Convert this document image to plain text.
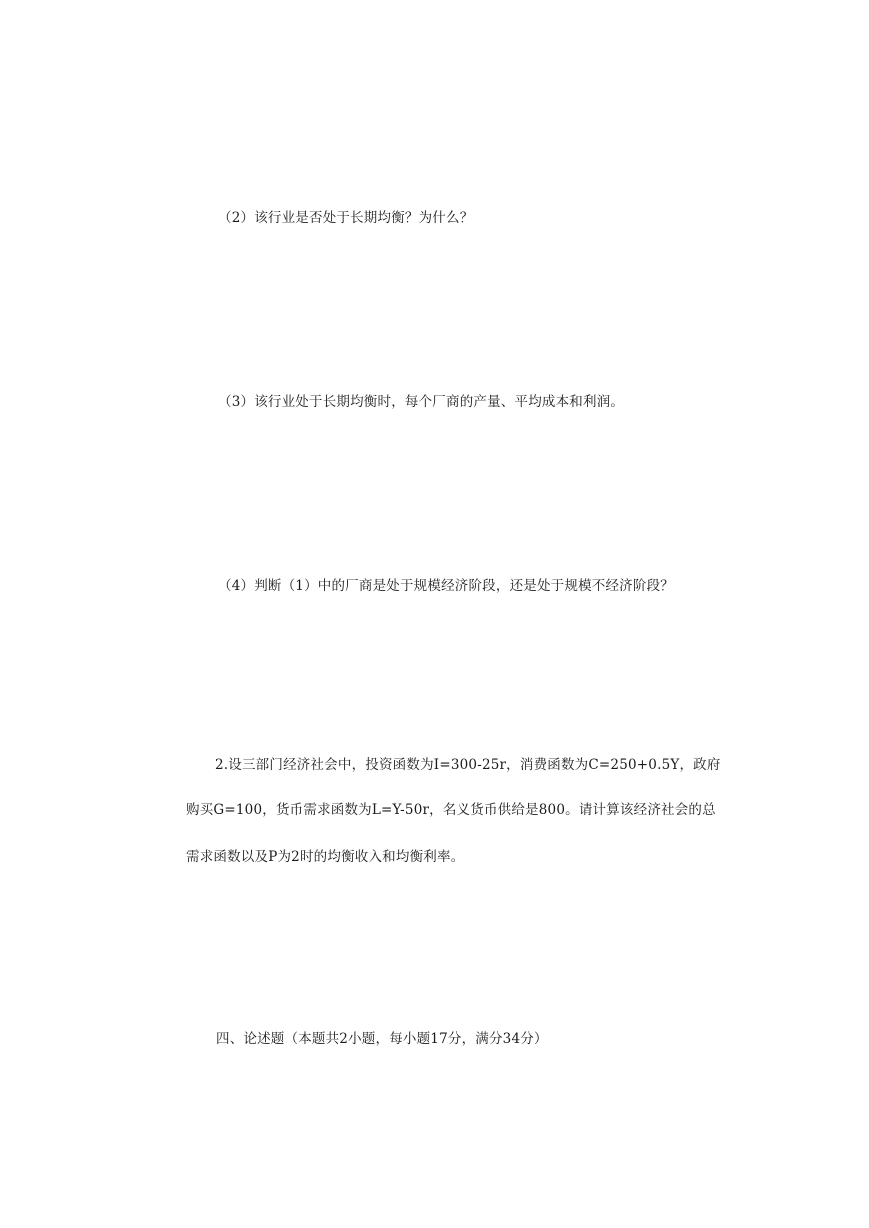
（2）该行业是否处于长期均衡？为什么？
（3）该行业处于长期均衡时，每个厂商的产量、平均成本和利润。
（4）判断（1）中的厂商是处于规模经济阶段，还是处于规模不经济阶段？
2.设三部门经济社会中，投资函数为I=300-25r，消费函数为C=250+0.5Y，政府
购买G=100，货币需求函数为L=Y-50r，名义货币供给是800。请计算该经济社会的总
需求函数以及P为2时的均衡收入和均衡利率。
四、论述题（本题共2小题，每小题17分，满分34分）
